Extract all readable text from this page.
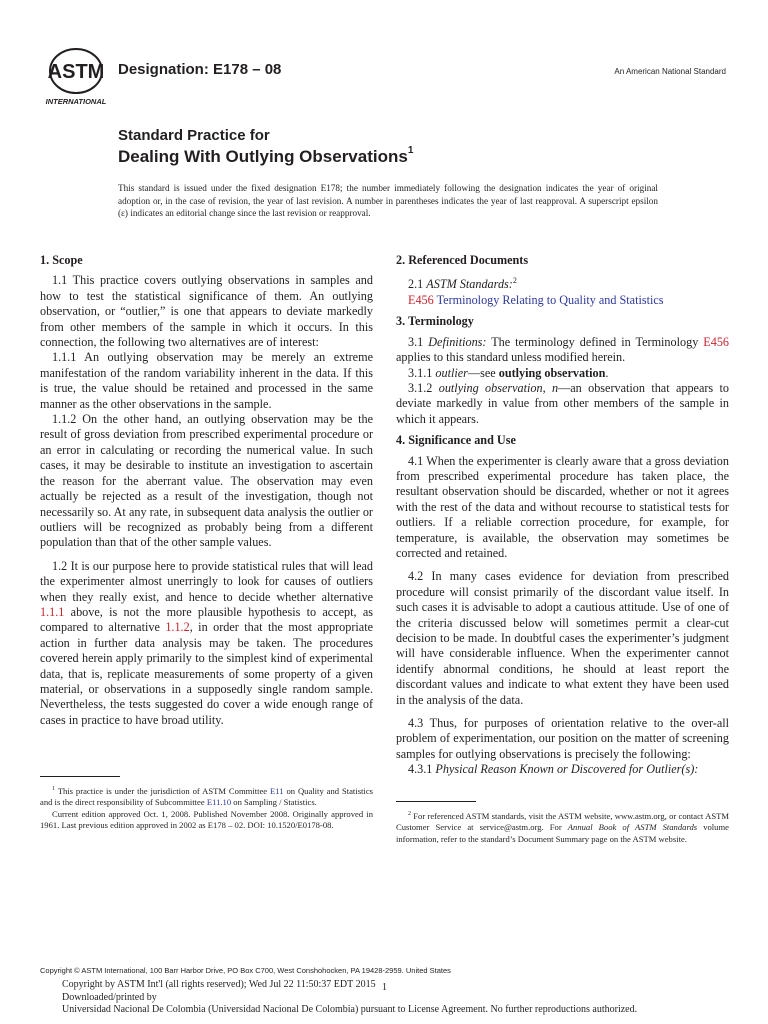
ASTM
INTERNATIONAL
Designation: E178 – 08	An American National Standard
Standard Practice for
Dealing With Outlying Observations$^1$
This standard is issued under the fixed designation E178; the number immediately following the designation indicates the year of original adoption or, in the case of revision, the year of last revision. A number in parentheses indicates the year of last reapproval. A superscript epsilon (ε) indicates an editorial change since the last revision or reapproval.
1. Scope

1.1 This practice covers outlying observations in samples and how to test the statistical significance of them. An outlying observation, or “outlier,” is one that appears to deviate markedly from other members of the sample in which it occurs. In this connection, the following two alternatives are of interest:

1.1.1 An outlying observation may be merely an extreme manifestation of the random variability inherent in the data. If this is true, the value should be retained and processed in the same manner as the other observations in the sample.

1.1.2 On the other hand, an outlying observation may be the result of gross deviation from prescribed experimental procedure or an error in calculating or recording the numerical value. In such cases, it may be desirable to institute an investigation to ascertain the reason for the aberrant value. The observation may even actually be rejected as a result of the investigation, though not necessarily so. At any rate, in subsequent data analysis the outlier or outliers will be recognized as probably being from a different population than that of the other sample values.

1.2 It is our purpose here to provide statistical rules that will lead the experimenter almost unerringly to look for causes of outliers when they really exist, and hence to decide whether alternative 1.1.1 above, is not the more plausible hypothesis to accept, as compared to alternative 1.1.2, in order that the most appropriate action in further data analysis may be taken. The procedures covered herein apply primarily to the simplest kind of experimental data, that is, replicate measurements of some property of a given material, or observations in a supposedly single random sample. Nevertheless, the tests suggested do cover a wide enough range of cases in practice to have broad utility.

2. Referenced Documents

2.1 ASTM Standards:$^2$

E456 Terminology Relating to Quality and Statistics

3. Terminology

3.1 Definitions: The terminology defined in Terminology E456 applies to this standard unless modified herein.

3.1.1 outlier—see outlying observation.

3.1.2 outlying observation, n—an observation that appears to deviate markedly in value from other members of the sample in which it appears.

4. Significance and Use

4.1 When the experimenter is clearly aware that a gross deviation from prescribed experimental procedure has taken place, the resultant observation should be discarded, whether or not it agrees with the rest of the data and without recourse to statistical tests for outliers. If a reliable correction procedure, for example, for temperature, is available, the observation may sometimes be corrected and retained.

4.2 In many cases evidence for deviation from prescribed procedure will consist primarily of the discordant value itself. In such cases it is advisable to adopt a cautious attitude. Use of one of the criteria discussed below will sometimes permit a clear-cut decision to be made. In doubtful cases the experimenter’s judgment will have considerable influence. When the experimenter cannot identify abnormal conditions, he should at least report the discordant values and indicate to what extent they have been used in the analysis of the data.

4.3 Thus, for purposes of orientation relative to the over-all problem of experimentation, our position on the matter of screening samples for outlying observations is precisely the following:

4.3.1 Physical Reason Known or Discovered for Outlier(s):

$^1$ This practice is under the jurisdiction of ASTM Committee E11 on Quality and Statistics and is the direct responsibility of Subcommittee E11.10 on Sampling / Statistics.

Current edition approved Oct. 1, 2008. Published November 2008. Originally approved in 1961. Last previous edition approved in 2002 as E178 – 02. DOI: 10.1520/E0178-08.

$^2$ For referenced ASTM standards, visit the ASTM website, www.astm.org, or contact ASTM Customer Service at service@astm.org. For Annual Book of ASTM Standards volume information, refer to the standard’s Document Summary page on the ASTM website.

Copyright © ASTM International, 100 Barr Harbor Drive, PO Box C700, West Conshohocken, PA 19428-2959. United States
1
Copyright by ASTM Int'l (all rights reserved); Wed Jul 22 11:50:37 EDT 2015
Downloaded/printed by
Universidad Nacional De Colombia (Universidad Nacional De Colombia) pursuant to License Agreement. No further reproductions authorized.
